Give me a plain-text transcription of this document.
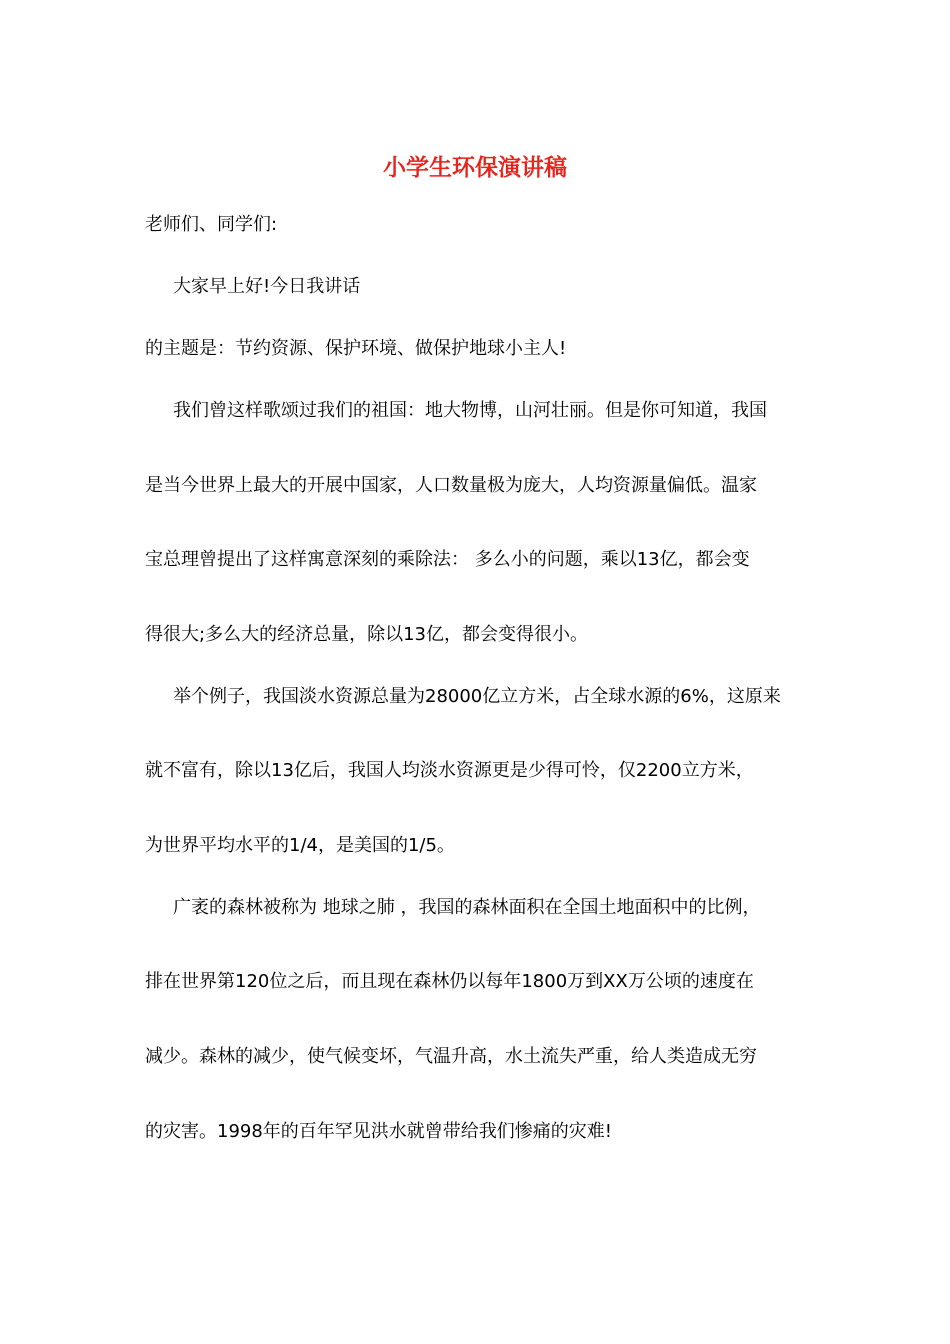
小学生环保演讲稿
老师们、同学们:
大家早上好!今日我讲话
的主题是：节约资源、保护环境、做保护地球小主人!
我们曾这样歌颂过我们的祖国：地大物博，山河壮丽。但是你可知道，我国
是当今世界上最大的开展中国家，人口数量极为庞大，人均资源量偏低。温家
宝总理曾提出了这样寓意深刻的乘除法： 多么小的问题，乘以13亿，都会变
得很大;多么大的经济总量，除以13亿，都会变得很小。
举个例子，我国淡水资源总量为28000亿立方米，占全球水源的6%，这原来
就不富有，除以13亿后，我国人均淡水资源更是少得可怜，仅2200立方米，
为世界平均水平的1/4，是美国的1/5。
广袤的森林被称为 地球之肺 ，我国的森林面积在全国土地面积中的比例，
排在世界第120位之后，而且现在森林仍以每年1800万到XX万公顷的速度在
减少。森林的减少，使气候变坏，气温升高，水土流失严重，给人类造成无穷
的灾害。1998年的百年罕见洪水就曾带给我们惨痛的灾难!
